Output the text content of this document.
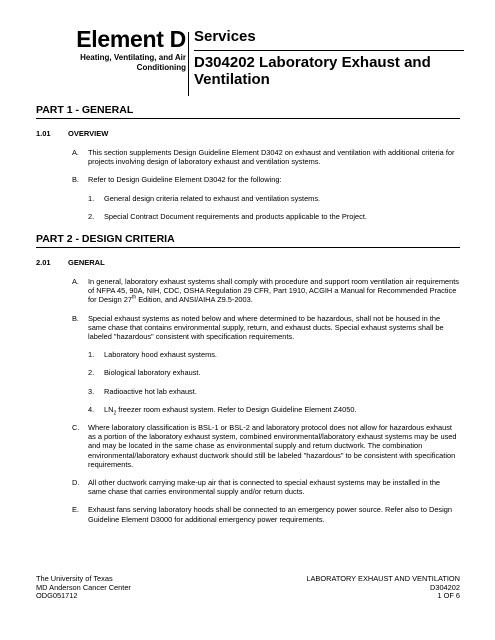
Element D
Heating, Ventilating, and Air
Conditioning
Services
D304202 Laboratory Exhaust and
Ventilation
PART 1 - GENERAL
1.01 OVERVIEW
A. This section supplements Design Guideline Element D3042 on exhaust and ventilation with additional criteria for projects involving design of laboratory exhaust and ventilation systems.
B. Refer to Design Guideline Element D3042 for the following:
1. General design criteria related to exhaust and ventilation systems.
2. Special Contract Document requirements and products applicable to the Project.
PART 2 - DESIGN CRITERIA
2.01 GENERAL
A. In general, laboratory exhaust systems shall comply with procedure and support room ventilation air requirements of NFPA 45, 90A, NIH, CDC, OSHA Regulation 29 CFR, Part 1910, ACGIH a Manual for Recommended Practice for Design 27th Edition, and ANSI/AIHA Z9.5-2003.
B. Special exhaust systems as noted below and where determined to be hazardous, shall not be housed in the same chase that contains environmental supply, return, and exhaust ducts. Special exhaust systems shall be labeled "hazardous" consistent with specification requirements.
1. Laboratory hood exhaust systems.
2. Biological laboratory exhaust.
3. Radioactive hot lab exhaust.
4. $LN_2$ freezer room exhaust system. Refer to Design Guideline Element Z4050.
C. Where laboratory classification is BSL-1 or BSL-2 and laboratory protocol does not allow for hazardous exhaust as a portion of the laboratory exhaust system, combined environmental/laboratory exhaust systems may be used and may be located in the same chase as environmental supply and return ductwork. The combination environmental/laboratory exhaust ductwork should still be labeled "hazardous" to be consistent with specification requirements.
D. All other ductwork carrying make-up air that is connected to special exhaust systems may be installed in the same chase that carries environmental supply and/or return ducts.
E. Exhaust fans serving laboratory hoods shall be connected to an emergency power source. Refer also to Design Guideline Element D3000 for additional emergency power requirements.
The University of Texas
MD Anderson Cancer Center
ODG051712
LABORATORY EXHAUST AND VENTILATION
D304202
1 OF 6
